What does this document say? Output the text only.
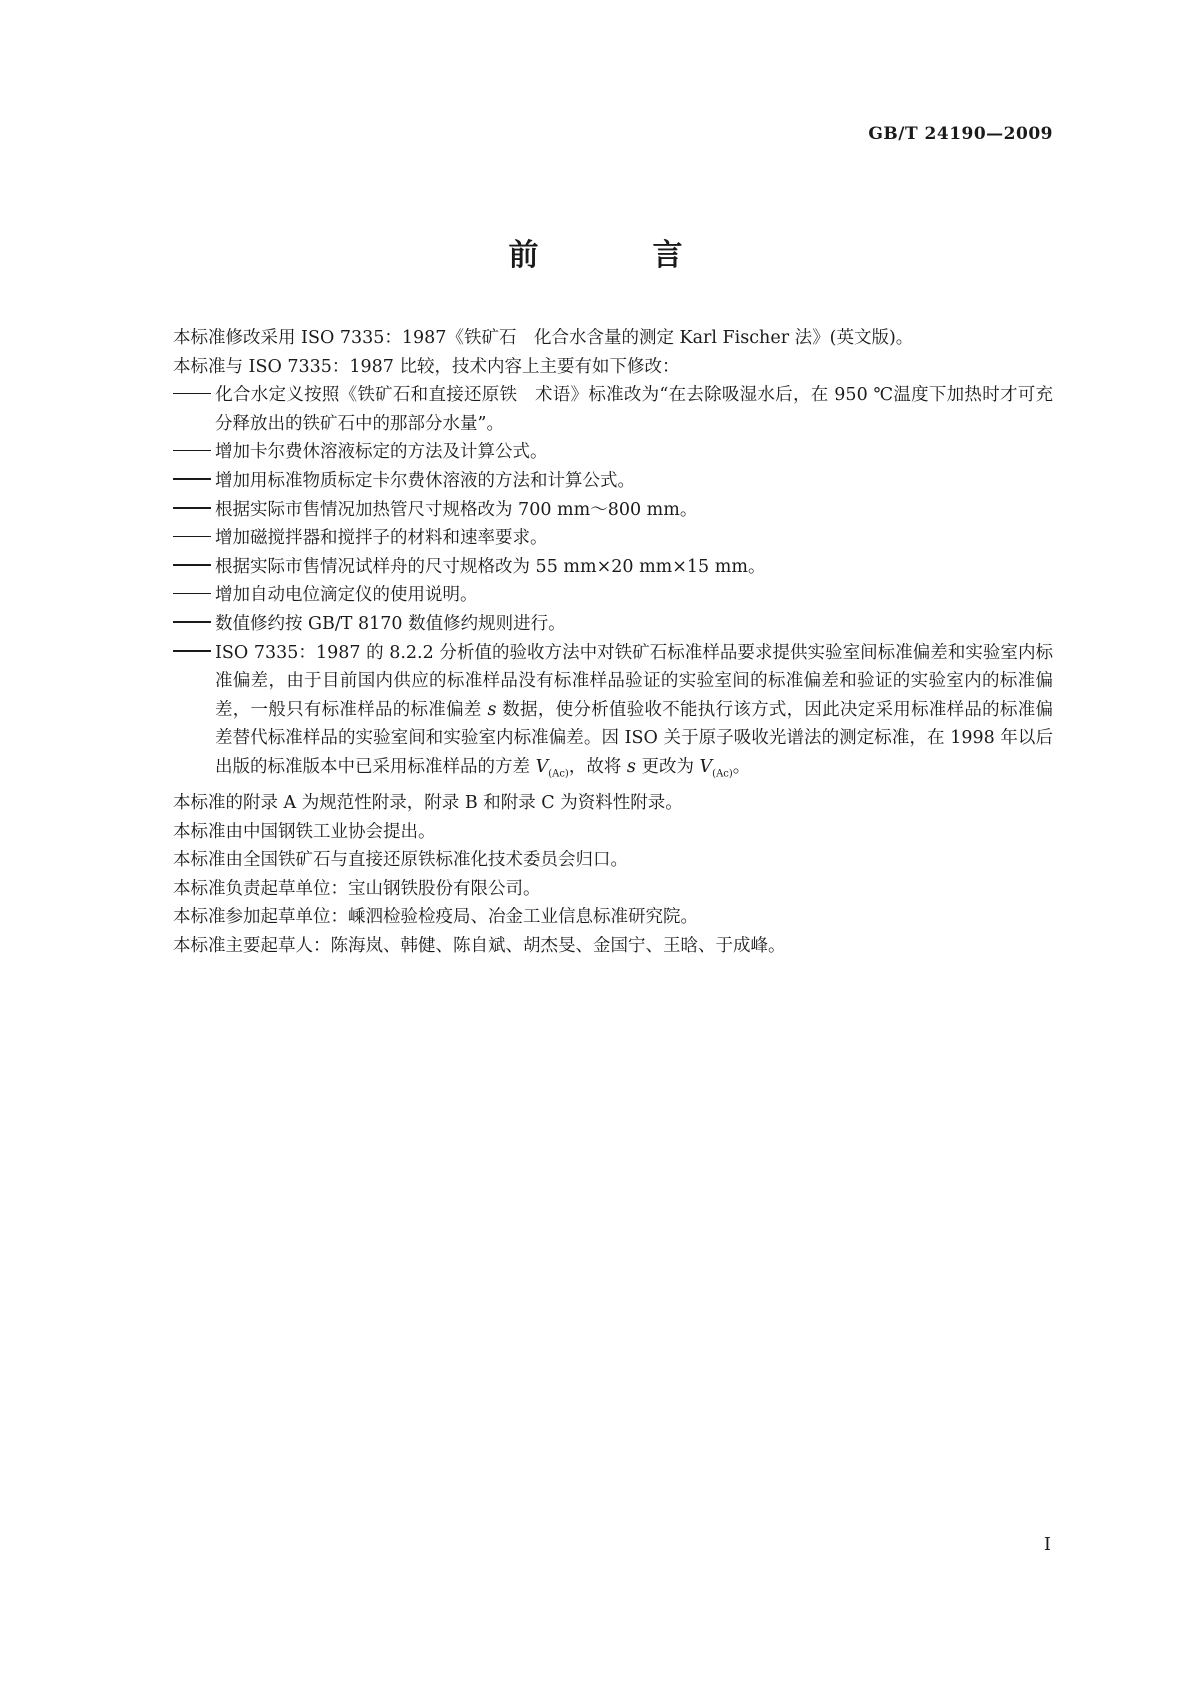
GB/T 24190—2009
前　言

本标准修改采用 ISO 7335：1987《铁矿石　化合水含量的测定 Karl Fischer 法》(英文版)。

本标准与 ISO 7335：1987 比较，技术内容上主要有如下修改：

化合水定义按照《铁矿石和直接还原铁　术语》标准改为“在去除吸湿水后，在 950 ℃温度下加热时才可充分释放出的铁矿石中的那部分水量”。

增加卡尔费休溶液标定的方法及计算公式。

增加用标准物质标定卡尔费休溶液的方法和计算公式。

根据实际市售情况加热管尺寸规格改为 700 mm～800 mm。

增加磁搅拌器和搅拌子的材料和速率要求。

根据实际市售情况试样舟的尺寸规格改为 55 mm×20 mm×15 mm。

增加自动电位滴定仪的使用说明。

数值修约按 GB/T 8170 数值修约规则进行。

ISO 7335：1987 的 8.2.2 分析值的验收方法中对铁矿石标准样品要求提供实验室间标准偏差和实验室内标准偏差，由于目前国内供应的标准样品没有标准样品验证的实验室间的标准偏差和验证的实验室内的标准偏差，一般只有标准样品的标准偏差 s 数据，使分析值验收不能执行该方式，因此决定采用标准样品的标准偏差替代标准样品的实验室间和实验室内标准偏差。因 ISO 关于原子吸收光谱法的测定标准，在 1998 年以后出版的标准版本中已采用标准样品的方差 $V_{(Ac)}$，故将 s 更改为 $V_{(Ac)}$。

本标准的附录 A 为规范性附录，附录 B 和附录 C 为资料性附录。

本标准由中国钢铁工业协会提出。

本标准由全国铁矿石与直接还原铁标准化技术委员会归口。

本标准负责起草单位：宝山钢铁股份有限公司。

本标准参加起草单位：嵊泗检验检疫局、冶金工业信息标准研究院。

本标准主要起草人：陈海岚、韩健、陈自斌、胡杰旻、金国宁、王晗、于成峰。

I
